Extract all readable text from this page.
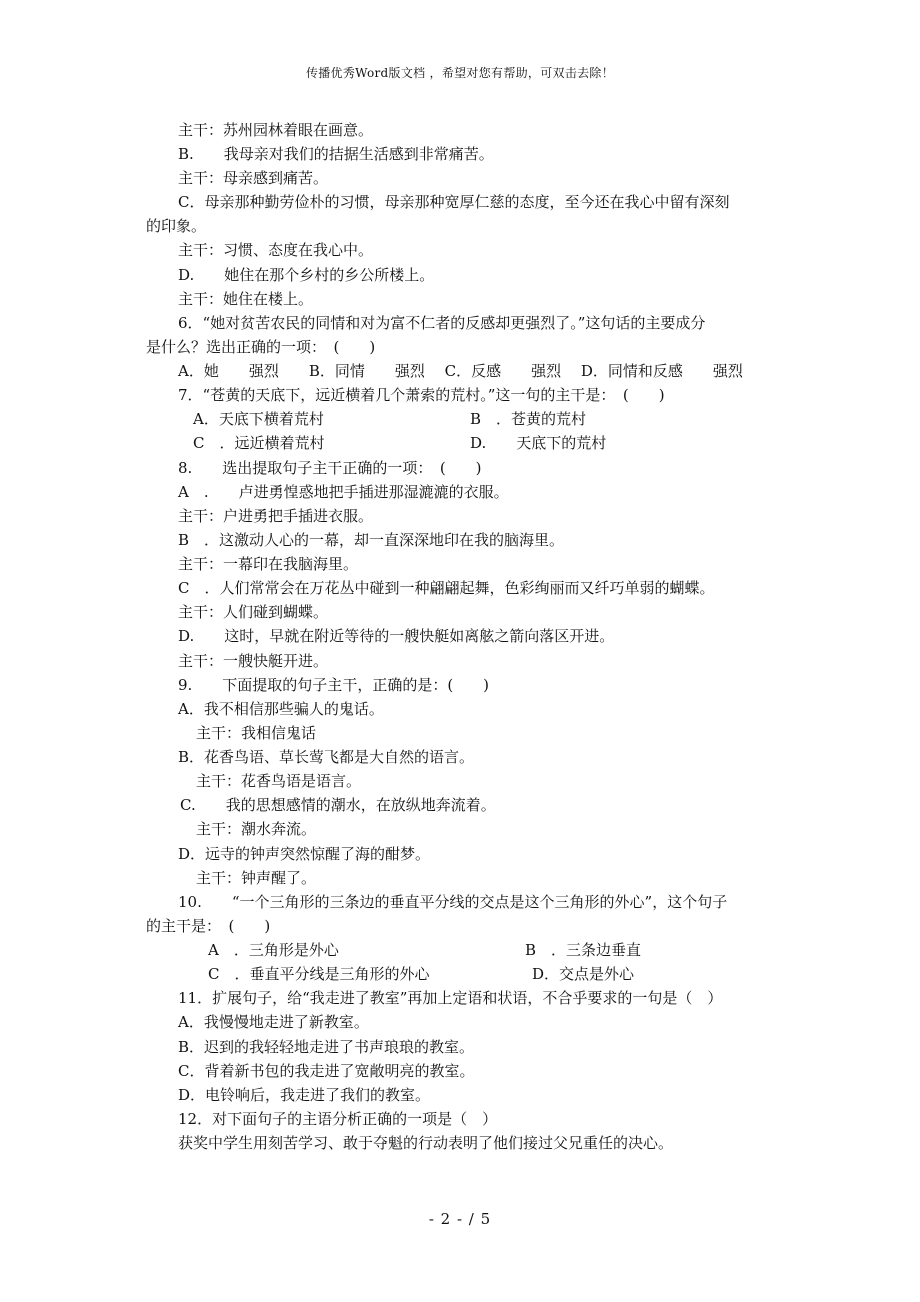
传播优秀Word版文档 ，希望对您有帮助，可双击去除！
主干：苏州园林着眼在画意。
B.　　我母亲对我们的拮据生活感到非常痛苦。
主干：母亲感到痛苦。
C．母亲那种勤劳俭朴的习惯，母亲那种宽厚仁慈的态度，至今还在我心中留有深刻
的印象。
主干：习惯、态度在我心中。
D.　　她住在那个乡村的乡公所楼上。
主干：她住在楼上。
6．“她对贫苦农民的同情和对为富不仁者的反感却更强烈了。”这句话的主要成分
是什么？选出正确的一项：　(　　)
A．她　　强烈　　B．同情　　强烈　 C．反感　　强烈　 D．同情和反感　　强烈
7．“苍黄的天底下，远近横着几个萧索的荒村。”这一句的主干是：　(　　)
A．天底下横着荒村	B　．苍黄的荒村
C　．远近横着荒村	D.　　天底下的荒村
8.　　选出提取句子主干正确的一项：　(　　)
A　.　　卢进勇惶惑地把手插进那湿漉漉的衣服。
主干：户进勇把手插进衣服。
B　．这激动人心的一幕，却一直深深地印在我的脑海里。
主干：一幕印在我脑海里。
C　．人们常常会在万花丛中碰到一种翩翩起舞，色彩绚丽而又纤巧单弱的蝴蝶。
主干：人们碰到蝴蝶。
D.　　这时，早就在附近等待的一艘快艇如离舷之箭向落区开进。
主干：一艘快艇开进。
9.　　下面提取的句子主干，正确的是：(　　)
A．我不相信那些骗人的鬼话。
主干：我相信鬼话
B．花香鸟语、草长莺飞都是大自然的语言。
主干：花香鸟语是语言。
C.　　我的思想感情的潮水，在放纵地奔流着。
主干：潮水奔流。
D．远寺的钟声突然惊醒了海的酣梦。
主干：钟声醒了。
10.　　“一个三角形的三条边的垂直平分线的交点是这个三角形的外心”，这个句子
的主干是：　(　　)
A　．三角形是外心	B　．三条边垂直
C　．垂直平分线是三角形的外心	D．交点是外心
11．扩展句子，给“我走进了教室”再加上定语和状语，不合乎要求的一句是（　）
A．我慢慢地走进了新教室。
B．迟到的我轻轻地走进了书声琅琅的教室。
C．背着新书包的我走进了宽敞明亮的教室。
D．电铃响后，我走进了我们的教室。
12．对下面句子的主语分析正确的一项是（　）
获奖中学生用刻苦学习、敢于夺魁的行动表明了他们接过父兄重任的决心。
- 2 - / 5
